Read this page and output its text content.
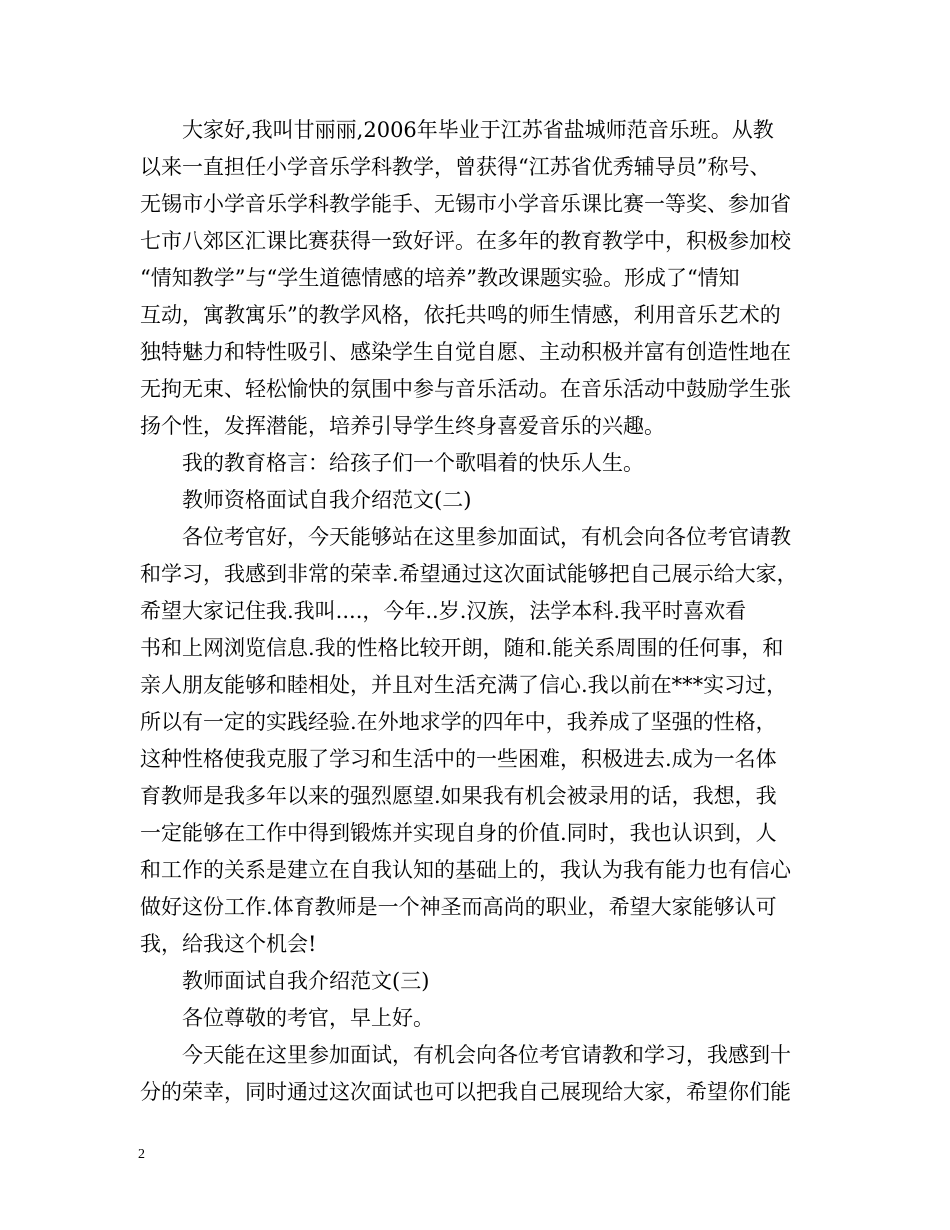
大家好,我叫甘丽丽,2006年毕业于江苏省盐城师范音乐班。从教
以来一直担任小学音乐学科教学，曾获得“江苏省优秀辅导员”称号、
无锡市小学音乐学科教学能手、无锡市小学音乐课比赛一等奖、参加省
七市八郊区汇课比赛获得一致好评。在多年的教育教学中，积极参加校
“情知教学”与“学生道德情感的培养”教改课题实验。形成了“情知
互动，寓教寓乐”的教学风格，依托共鸣的师生情感，利用音乐艺术的
独特魅力和特性吸引、感染学生自觉自愿、主动积极并富有创造性地在
无拘无束、轻松愉快的氛围中参与音乐活动。在音乐活动中鼓励学生张
扬个性，发挥潜能，培养引导学生终身喜爱音乐的兴趣。
我的教育格言：给孩子们一个歌唱着的快乐人生。
教师资格面试自我介绍范文(二)
各位考官好，今天能够站在这里参加面试，有机会向各位考官请教
和学习，我感到非常的荣幸.希望通过这次面试能够把自己展示给大家，
希望大家记住我.我叫....，今年..岁.汉族，法学本科.我平时喜欢看
书和上网浏览信息.我的性格比较开朗，随和.能关系周围的任何事，和
亲人朋友能够和睦相处，并且对生活充满了信心.我以前在***实习过，
所以有一定的实践经验.在外地求学的四年中，我养成了坚强的性格，
这种性格使我克服了学习和生活中的一些困难，积极进去.成为一名体
育教师是我多年以来的强烈愿望.如果我有机会被录用的话，我想，我
一定能够在工作中得到锻炼并实现自身的价值.同时，我也认识到，人
和工作的关系是建立在自我认知的基础上的，我认为我有能力也有信心
做好这份工作.体育教师是一个神圣而高尚的职业，希望大家能够认可
我，给我这个机会!
教师面试自我介绍范文(三)
各位尊敬的考官，早上好。
今天能在这里参加面试，有机会向各位考官请教和学习，我感到十
分的荣幸，同时通过这次面试也可以把我自己展现给大家，希望你们能
2
